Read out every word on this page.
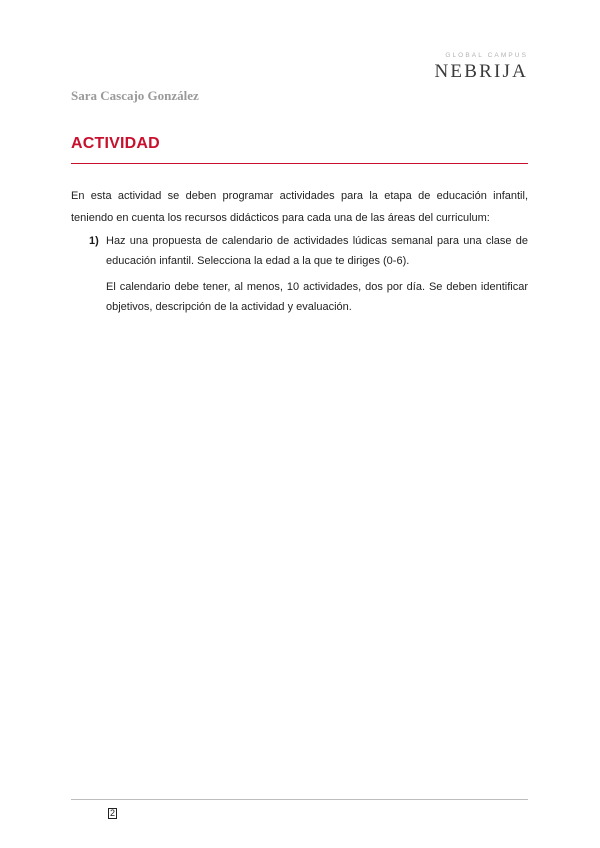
GLOBAL CAMPUS
NEBRIJA
Sara Cascajo González
ACTIVIDAD
En esta actividad se deben programar actividades para la etapa de educación infantil, teniendo en cuenta los recursos didácticos para cada una de las áreas del curriculum:
1) Haz una propuesta de calendario de actividades lúdicas semanal para una clase de educación infantil. Selecciona la edad a la que te diriges (0-6).

El calendario debe tener, al menos, 10 actividades, dos por día. Se deben identificar objetivos, descripción de la actividad y evaluación.

2
